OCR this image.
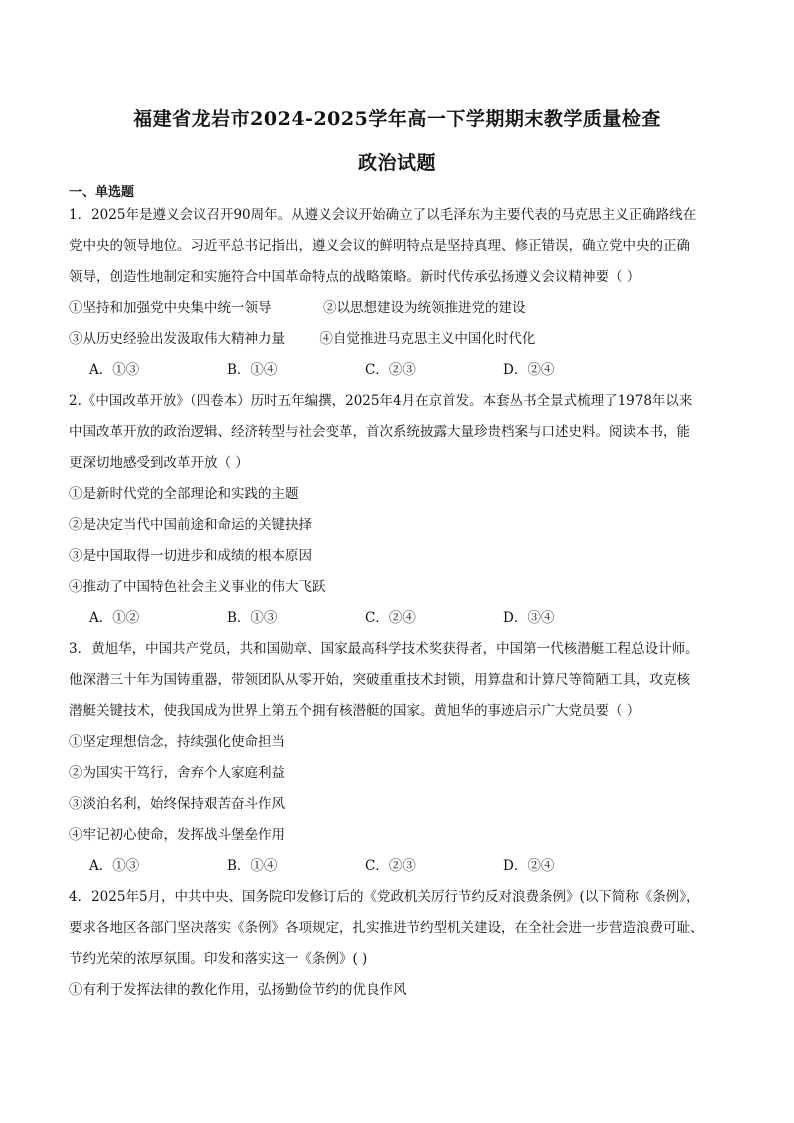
福建省龙岩市2024-2025学年高一下学期期末教学质量检查
政治试题
一、单选题
1．2025年是遵义会议召开90周年。从遵义会议开始确立了以毛泽东为主要代表的马克思主义正确路线在
党中央的领导地位。习近平总书记指出，遵义会议的鲜明特点是坚持真理、修正错误，确立党中央的正确
领导，创造性地制定和实施符合中国革命特点的战略策略。新时代传承弘扬遵义会议精神要（ ）
①坚持和加强党中央集中统一领导            ②以思想建设为统领推进党的建设
③从历史经验出发汲取伟大精神力量        ④自觉推进马克思主义中国化时代化
A．①③	B．①④	C．②③	D．②④
2.《中国改革开放》（四卷本）历时五年编撰，2025年4月在京首发。本套丛书全景式梳理了1978年以来
中国改革开放的政治逻辑、经济转型与社会变革，首次系统披露大量珍贵档案与口述史料。阅读本书，能
更深切地感受到改革开放（ ）
①是新时代党的全部理论和实践的主题
②是决定当代中国前途和命运的关键抉择
③是中国取得一切进步和成绩的根本原因
④推动了中国特色社会主义事业的伟大飞跃
A．①②	B．①③	C．②④	D．③④
3．黄旭华，中国共产党员，共和国勋章、国家最高科学技术奖获得者，中国第一代核潜艇工程总设计师。
他深潜三十年为国铸重器，带领团队从零开始，突破重重技术封锁，用算盘和计算尺等简陋工具，攻克核
潜艇关键技术，使我国成为世界上第五个拥有核潜艇的国家。黄旭华的事迹启示广大党员要（ ）
①坚定理想信念，持续强化使命担当
②为国实干笃行，舍弃个人家庭利益
③淡泊名利，始终保持艰苦奋斗作风
④牢记初心使命，发挥战斗堡垒作用
A．①③	B．①④	C．②③	D．②④
4．2025年5月，中共中央、国务院印发修订后的《党政机关厉行节约反对浪费条例》(以下简称《条例》，
要求各地区各部门坚决落实《条例》各项规定，扎实推进节约型机关建设，在全社会进一步营造浪费可耻、
节约光荣的浓厚氛围。印发和落实这一《条例》( )
①有利于发挥法律的教化作用，弘扬勤俭节约的优良作风
